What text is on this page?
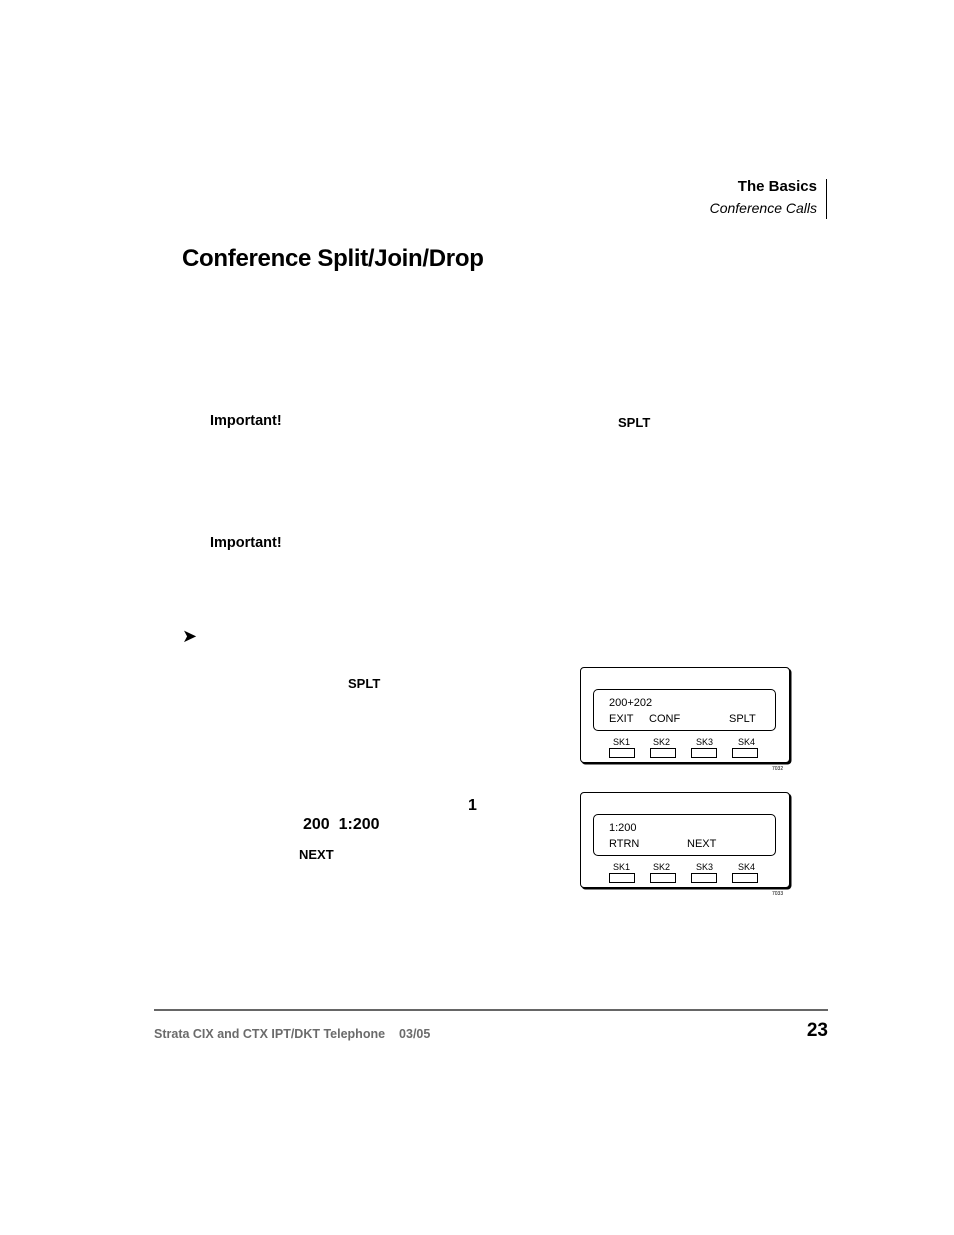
The Basics
Conference Calls
Conference Split/Join/Drop
Important!	SPLT
Important!
➤
SPLT
1
200  1:200
NEXT
200+202
EXIT CONF	SPLT
SK1	SK2	SK3	SK4
7032
1:200
RTRN	NEXT
SK1	SK2	SK3	SK4
7033
Strata CIX and CTX IPT/DKT Telephone 03/05	23
